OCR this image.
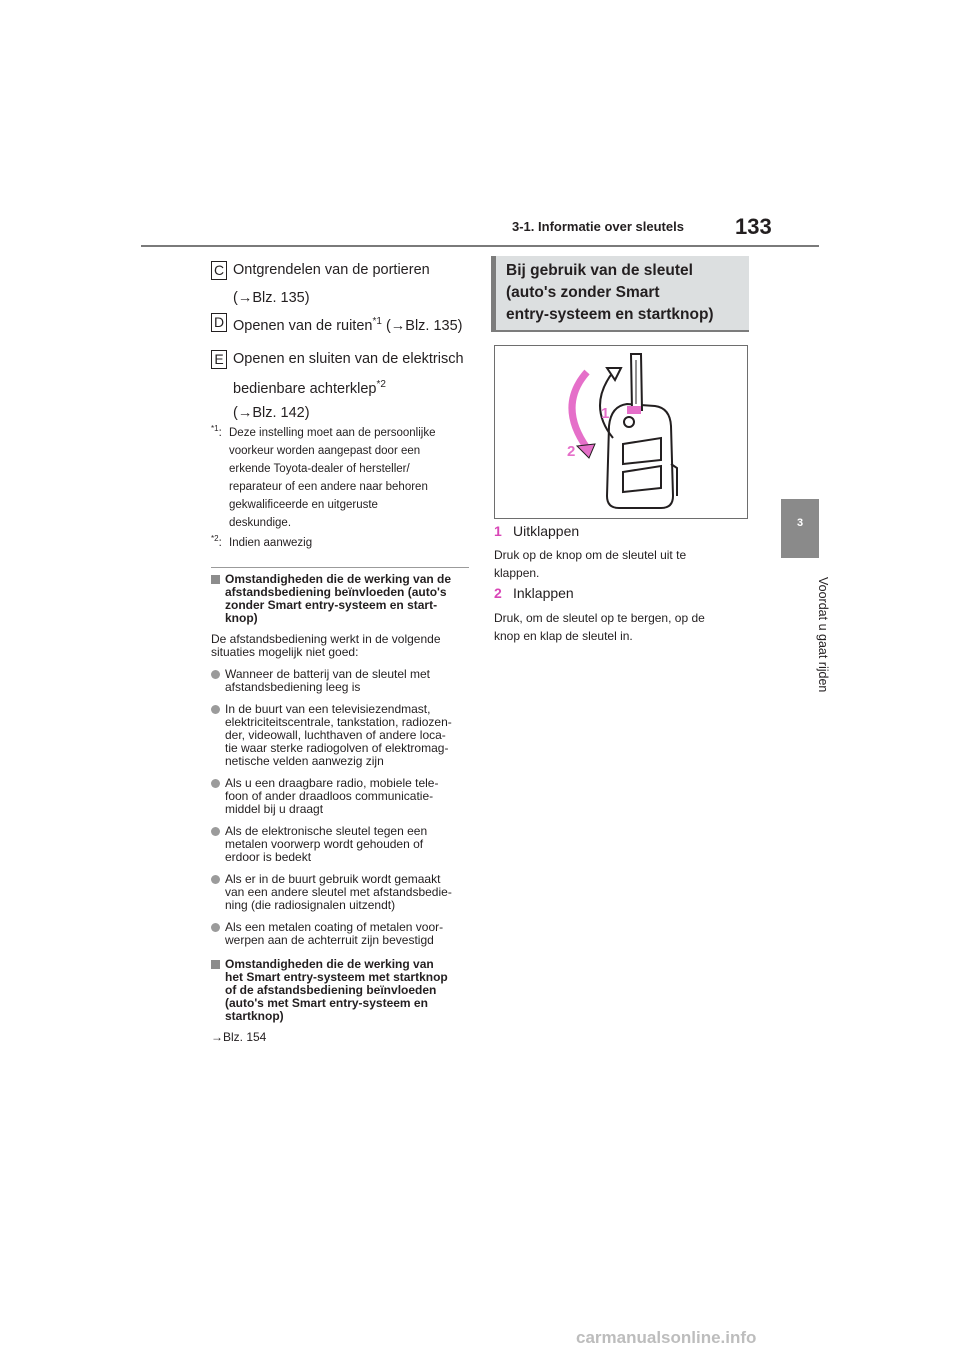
3-1. Informatie over sleutels 133
3
Voordat u gaat rijden
C Ontgrendelen van de portieren
(→Blz. 135)
D Openen van de ruiten$^{*1}$ (→Blz. 135)
E Openen en sluiten van de elektrisch
bedienbare achterklep$^{*2}$
(→Blz. 142)
$^{*1}$: Deze instelling moet aan de persoonlijke
voorkeur worden aangepast door een
erkende Toyota-dealer of hersteller/
reparateur of een andere naar behoren
gekwalificeerde en uitgeruste
deskundige.
$^{*2}$: Indien aanwezig
Omstandigheden die de werking van de
afstandsbediening beïnvloeden (auto's
zonder Smart entry-systeem en start-
knop)
De afstandsbediening werkt in de volgende
situaties mogelijk niet goed:
Wanneer de batterij van de sleutel met
afstandsbediening leeg is
In de buurt van een televisiezendmast,
elektriciteitscentrale, tankstation, radiozen-
der, videowall, luchthaven of andere loca-
tie waar sterke radiogolven of elektromag-
netische velden aanwezig zijn
Als u een draagbare radio, mobiele tele-
foon of ander draadloos communicatie-
middel bij u draagt
Als de elektronische sleutel tegen een
metalen voorwerp wordt gehouden of
erdoor is bedekt
Als er in de buurt gebruik wordt gemaakt
van een andere sleutel met afstandsbedie-
ning (die radiosignalen uitzendt)
Als een metalen coating of metalen voor-
werpen aan de achterruit zijn bevestigd
Omstandigheden die de werking van
het Smart entry-systeem met startknop
of de afstandsbediening beïnvloeden
(auto's met Smart entry-systeem en
startknop)
→Blz. 154
Bij gebruik van de sleutel
(auto's zonder Smart
entry-systeem en startknop)
1
2
1 Uitklappen
Druk op de knop om de sleutel uit te
klappen.
2 Inklappen
Druk, om de sleutel op te bergen, op de
knop en klap de sleutel in.
carmanualsonline.info
